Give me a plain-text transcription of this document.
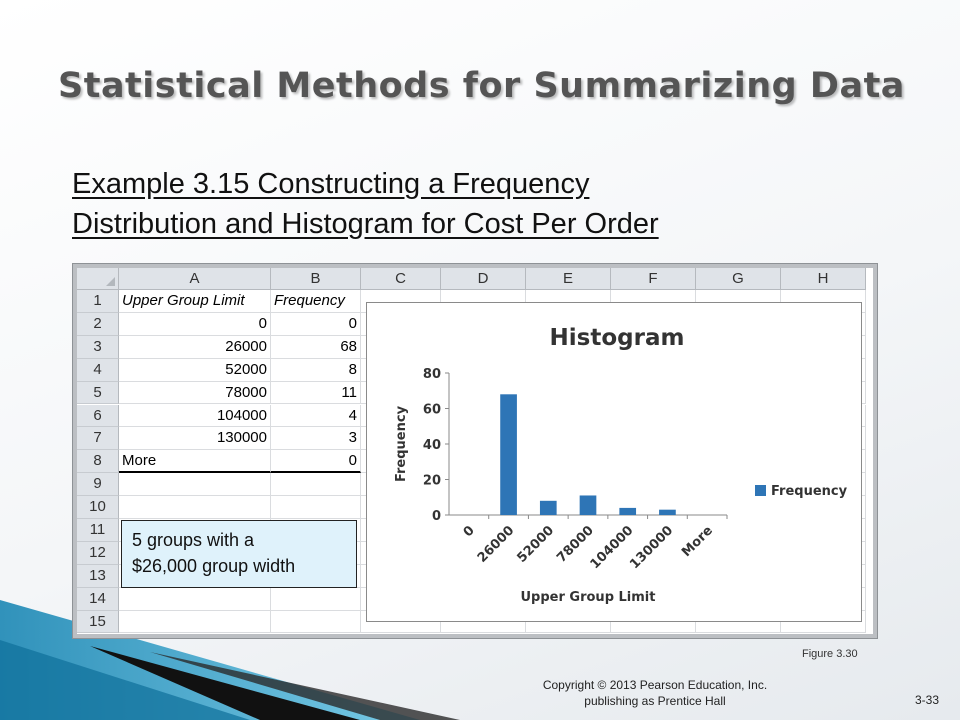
Statistical Methods for Summarizing Data
Example 3.15 Constructing a Frequency
Distribution and Histogram for Cost Per Order
A	B	C	D	E	F	G	H
1	Upper Group Limit	Frequency
2	0	0
3	26000	68
4	52000	8
5	78000	11
6	104000	4
7	130000	3
8	More	0
9
10
11
12
13
14
15
Histogram
0
20
40
60
80
0
26000
52000
78000
104000
130000 More
Upper Group Limit
Frequency
Frequency
5 groups with a
$26,000 group width
Figure 3.30
Copyright © 2013 Pearson Education, Inc.
publishing as Prentice Hall	3-33
